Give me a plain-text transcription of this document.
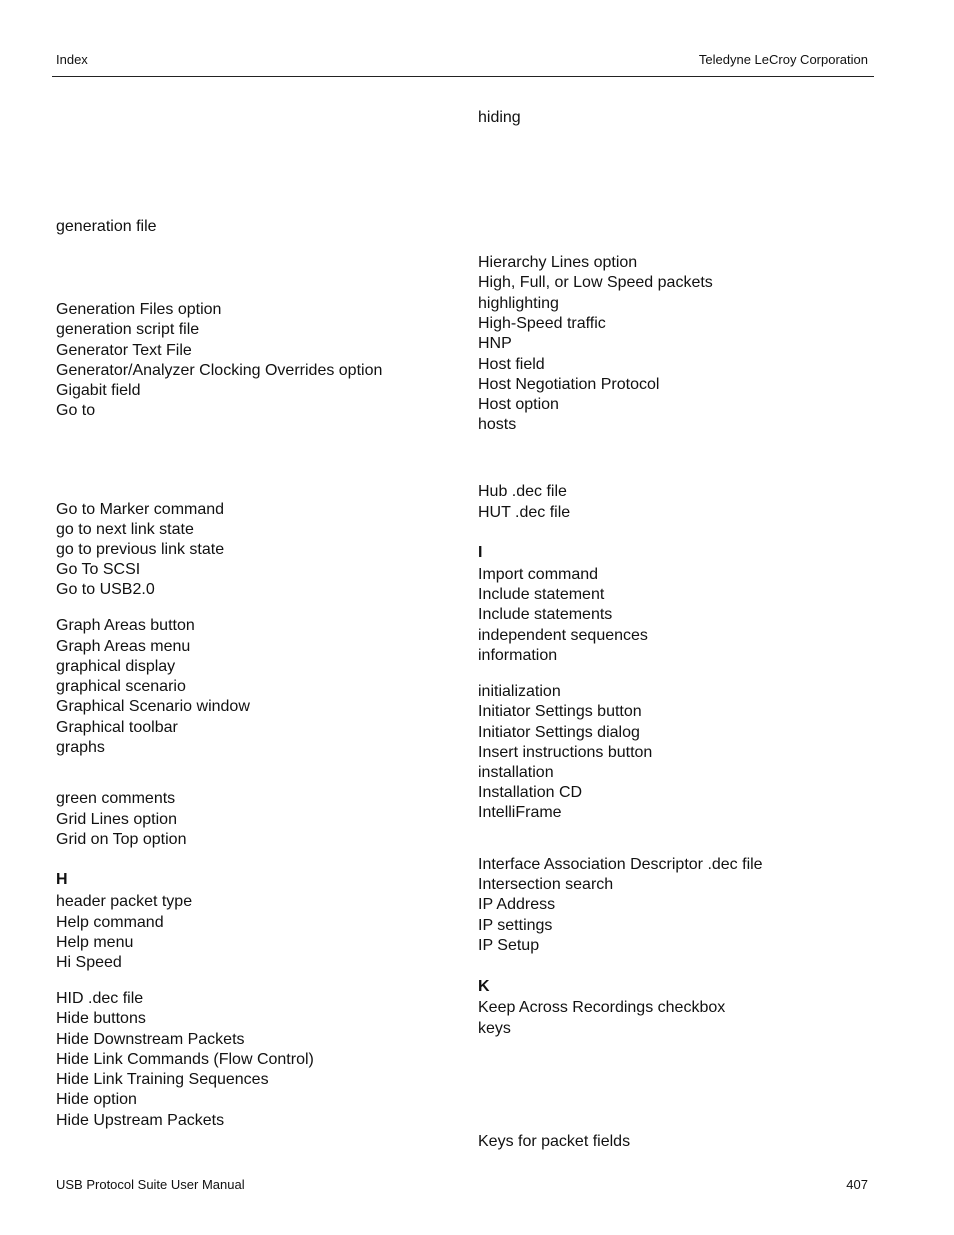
Index	Teledyne LeCroy Corporation
generation file
Generation Files option
generation script file
Generator Text File
Generator/Analyzer Clocking Overrides option
Gigabit field
Go to
Go to Marker command
go to next link state
go to previous link state
Go To SCSI
Go to USB2.0
Graph Areas button
Graph Areas menu
graphical display
graphical scenario
Graphical Scenario window
Graphical toolbar
graphs
green comments
Grid Lines option
Grid on Top option
H
header packet type
Help command
Help menu
Hi Speed
HID .dec file
Hide buttons
Hide Downstream Packets
Hide Link Commands (Flow Control)
Hide Link Training Sequences
Hide option
Hide Upstream Packets
hiding
Hierarchy Lines option
High, Full, or Low Speed packets
highlighting
High-Speed traffic
HNP
Host field
Host Negotiation Protocol
Host option
hosts
Hub .dec file
HUT .dec file
I
Import command
Include statement
Include statements
independent sequences
information
initialization
Initiator Settings button
Initiator Settings dialog
Insert instructions button
installation
Installation CD
IntelliFrame
Interface Association Descriptor .dec file
Intersection search
IP Address
IP settings
IP Setup
K
Keep Across Recordings checkbox
keys
Keys for packet fields
USB Protocol Suite User Manual	407
